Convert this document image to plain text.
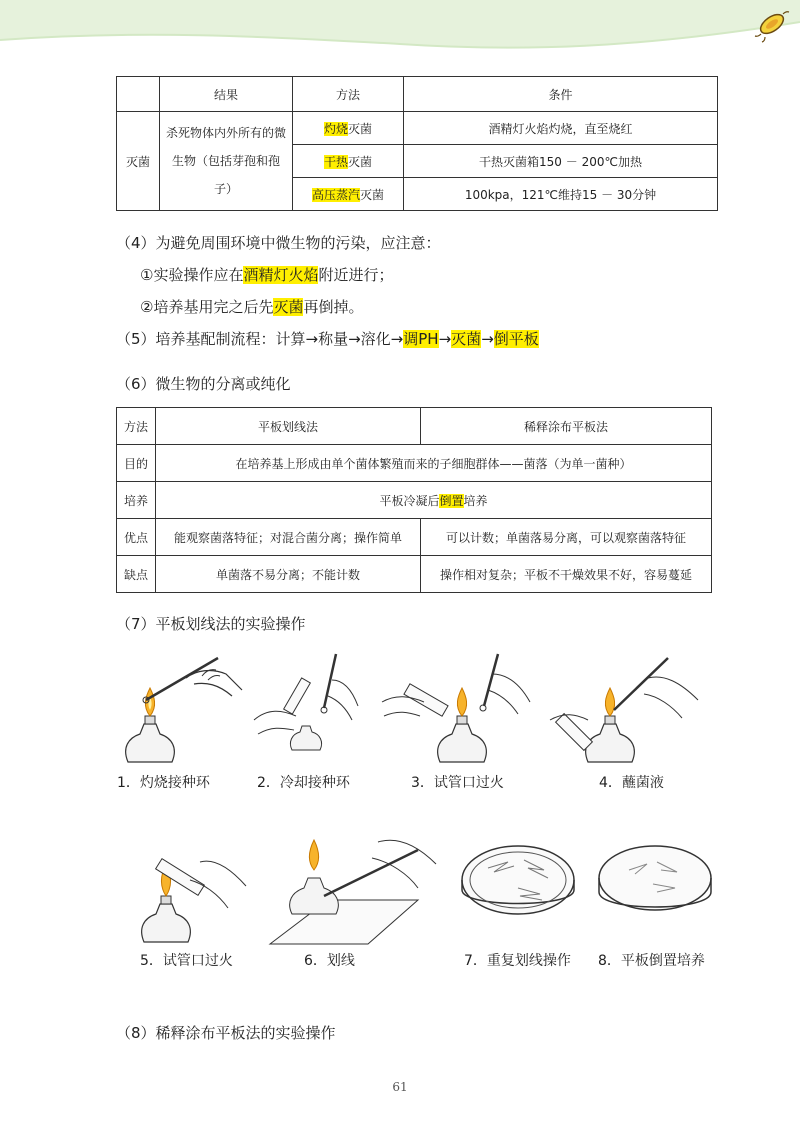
	结果	方法	条件
灭菌	杀死物体内外所有的微
生物（包括芽孢和孢
子）	灼烧灭菌	酒精灯火焰灼烧，直至烧红
		干热灭菌	干热灭菌箱150 － 200℃加热
		高压蒸汽灭菌	100kpa，121℃维持15 － 30分钟
（4）为避免周围环境中微生物的污染，应注意：
①实验操作应在酒精灯火焰附近进行；
②培养基用完之后先灭菌再倒掉。
（5）培养基配制流程：计算→称量→溶化→调PH→灭菌→倒平板
（6）微生物的分离或纯化
方法	平板划线法	稀释涂布平板法
目的	在培养基上形成由单个菌体繁殖而来的子细胞群体——菌落（为单一菌种）	
培养	平板冷凝后倒置培养	
优点	能观察菌落特征；对混合菌分离；操作简单	可以计数；单菌落易分离，可以观察菌落特征
缺点	单菌落不易分离；不能计数	操作相对复杂；平板不干燥效果不好，容易蔓延
（7）平板划线法的实验操作
1．灼烧接种环	2．冷却接种环	3．试管口过火	4．蘸菌液
5．试管口过火	6．划线	7．重复划线操作 8．平板倒置培养
（8）稀释涂布平板法的实验操作
61
